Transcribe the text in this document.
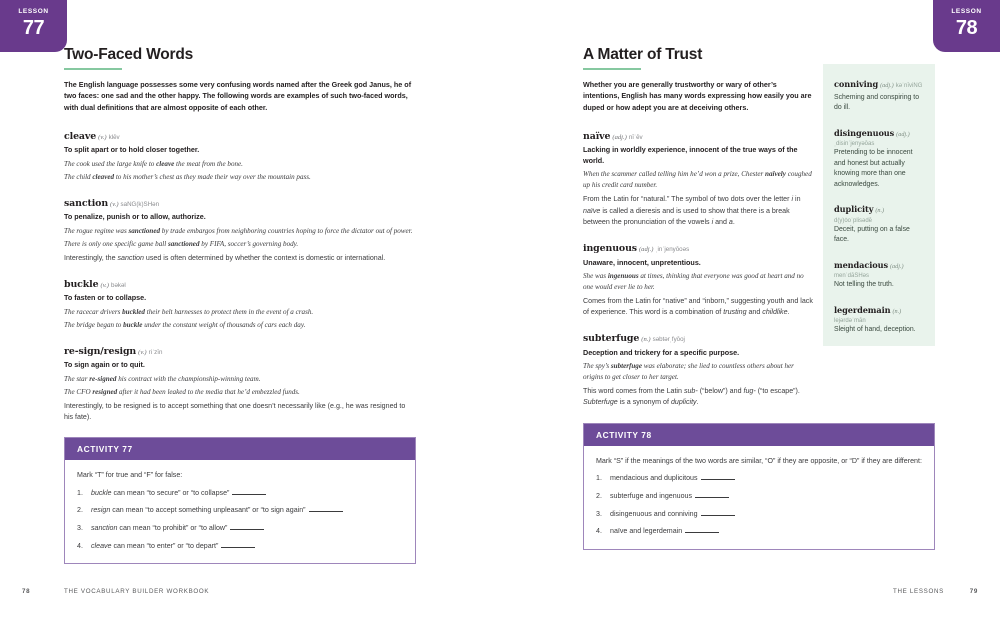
LESSON
77
LESSON
78
Two-Faced Words

The English language possesses some very confusing words named after the Greek god Janus, he of two faces: one sad and the other happy. The following words are examples of such two-faced words, with dual definitions that are almost opposite of each other.

cleave (v.) klēv
To split apart or to hold closer together.
The cook used the large knife to cleave the meat from the bone.
The child cleaved to his mother’s chest as they made their way over the mountain pass.
sanction (v.) saNG(k)SHən
To penalize, punish or to allow, authorize.
The rogue regime was sanctioned by trade embargos from neighboring countries hoping to force the dictator out of power.
There is only one specific game ball sanctioned by FIFA, soccer’s governing body.
Interestingly, the sanction used is often determined by whether the context is domestic or international.
buckle (v.) bəkəl
To fasten or to collapse.
The racecar drivers buckled their belt harnesses to protect them in the event of a crash.
The bridge began to buckle under the constant weight of thousands of cars each day.
re-sign/resign (v.) riˈzīn
To sign again or to quit.
The star re-signed his contract with the championship-winning team.
The CFO resigned after it had been leaked to the media that he’d embezzled funds.
Interestingly, to be resigned is to accept something that one doesn’t necessarily like (e.g., he was resigned to his fate).
ACTIVITY 77
Mark “T” for true and “F” for false:
1.	buckle can mean “to secure” or “to collapse”
2.	resign can mean “to accept something unpleasant” or “to sign again”
3.	sanction can mean “to prohibit” or “to allow”
4.	cleave can mean “to enter” or “to depart”
A Matter of Trust

Whether you are generally trustworthy or wary of other’s intentions, English has many words expressing how easily you are duped or how adept you are at deceiving others.

naïve (adj.) nīˈēv
Lacking in worldly experience, innocent of the true ways of the world.
When the scammer called telling him he’d won a prize, Chester naïvely coughed up his credit card number.
From the Latin for “natural.” The symbol of two dots over the letter i in naïve is called a dieresis and is used to show that there is a break between the pronunciation of the vowels i and a.
ingenuous (adj.) ˌinˈjenyōoəs
Unaware, innocent, unpretentious.
She was ingenuous at times, thinking that everyone was good at heart and no one would ever lie to her.
Comes from the Latin for “native” and “inborn,” suggesting youth and lack of experience. This word is a combination of trusting and childlike.
subterfuge (n.) səbtərˌfyōoj
Deception and trickery for a specific purpose.
The spy’s subterfuge was elaborate; she lied to countless others about her origins to get closer to her target.
This word comes from the Latin sub- (“below”) and fug- (“to escape”). Subterfuge is a synonym of duplicity.
ACTIVITY 78
Mark “S” if the meanings of the two words are similar, “O” if they are opposite, or “D” if they are different:
1.	mendacious and duplicitous
2.	subterfuge and ingenuous
3.	disingenuous and conniving
4.	naïve and legerdemain
conniving (adj.) kəˈnīviNG
Scheming and conspiring to do ill.
disingenuous (adj.)
ˌdisinˈjenyəōas
Pretending to be innocent and honest but actually knowing more than one acknowledges.
duplicity (n.)
d(y)o̍oˈplisədē
Deceit, putting on a false face.
mendacious (adj.)
menˈdāSHəs
Not telling the truth.
legerdemain (n.)
lejərdəˈmān
Sleight of hand, deception.
78	THE VOCABULARY BUILDER WORKBOOK	THE LESSONS	79
